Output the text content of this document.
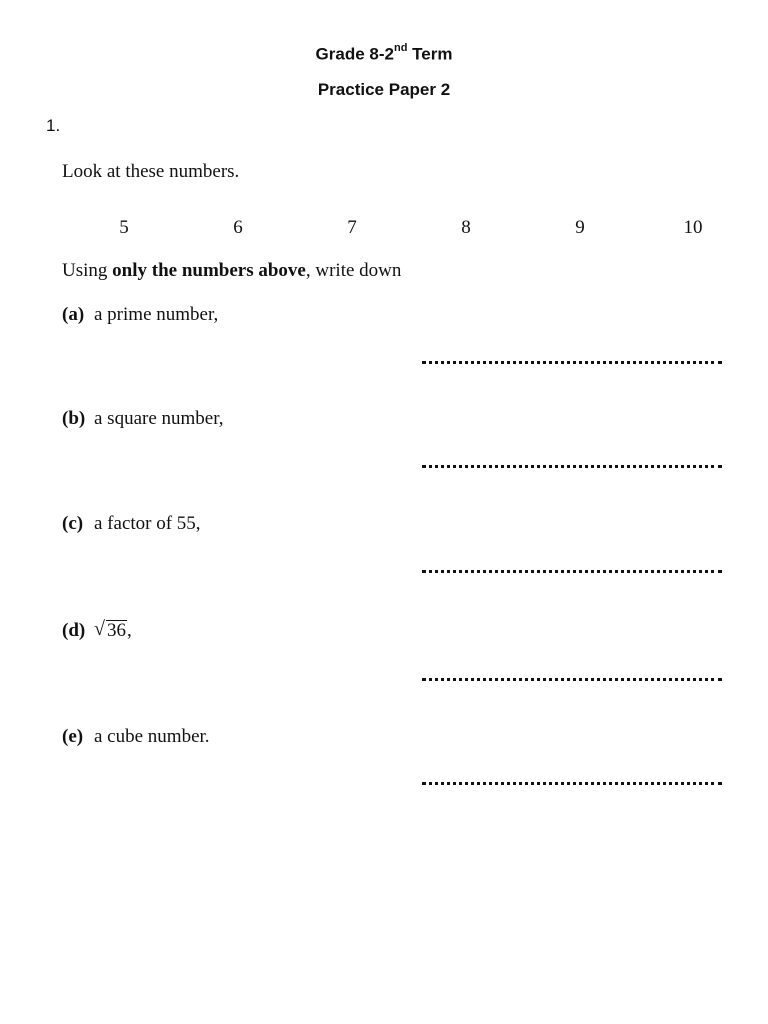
Grade 8-2nd Term
Practice Paper 2
1.
Look at these numbers.
5	6	7	8	9	10
Using only the numbers above, write down
(a) a prime number,
(b) a square number,
(c) a factor of 55,
(d) √ 36,
(e) a cube number.
